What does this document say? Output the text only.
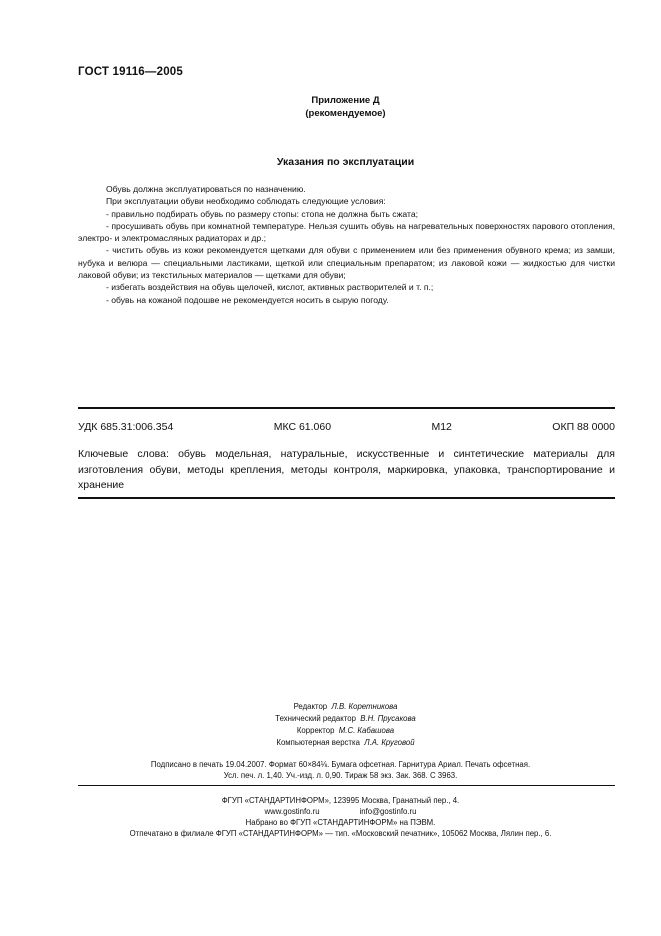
ГОСТ 19116—2005
Приложение Д
(рекомендуемое)
Указания по эксплуатации

Обувь должна эксплуатироваться по назначению.

При эксплуатации обуви необходимо соблюдать следующие условия:

- правильно подбирать обувь по размеру стопы: стопа не должна быть сжата;

- просушивать обувь при комнатной температуре. Нельзя сушить обувь на нагревательных поверхностях парового отопления, электро- и электромасляных радиаторах и др.;

- чистить обувь из кожи рекомендуется щетками для обуви с применением или без применения обувного крема; из замши, нубука и велюра — специальными ластиками, щеткой или специальным препаратом; из лаковой кожи — жидкостью для чистки лаковой обуви; из текстильных материалов — щетками для обуви;

- избегать воздействия на обувь щелочей, кислот, активных растворителей и т. п.;

- обувь на кожаной подошве не рекомендуется носить в сырую погоду.

УДК 685.31:006.354	МКС 61.060	М12	ОКП 88 0000
Ключевые слова: обувь модельная, натуральные, искусственные и синтетические материалы для изготовления обуви, методы крепления, методы контроля, маркировка, упаковка, транспортирование и хранение
Редактор Л.В. Коретникова
Технический редактор В.Н. Прусакова
Корректор М.С. Кабашова
Компьютерная верстка Л.А. Круговой
Подписано в печать 19.04.2007. Формат 60×84⅛. Бумага офсетная. Гарнитура Ариал. Печать офсетная.
Усл. печ. л. 1,40. Уч.-изд. л. 0,90. Тираж 58 экз. Зак. 368. С 3963.
ФГУП «СТАНДАРТИНФОРМ», 123995 Москва, Гранатный пер., 4.
www.gostinfo.ru	info@gostinfo.ru
Набрано во ФГУП «СТАНДАРТИНФОРМ» на ПЭВМ.
Отпечатано в филиале ФГУП «СТАНДАРТИНФОРМ» — тип. «Московский печатник», 105062 Москва, Лялин пер., 6.
